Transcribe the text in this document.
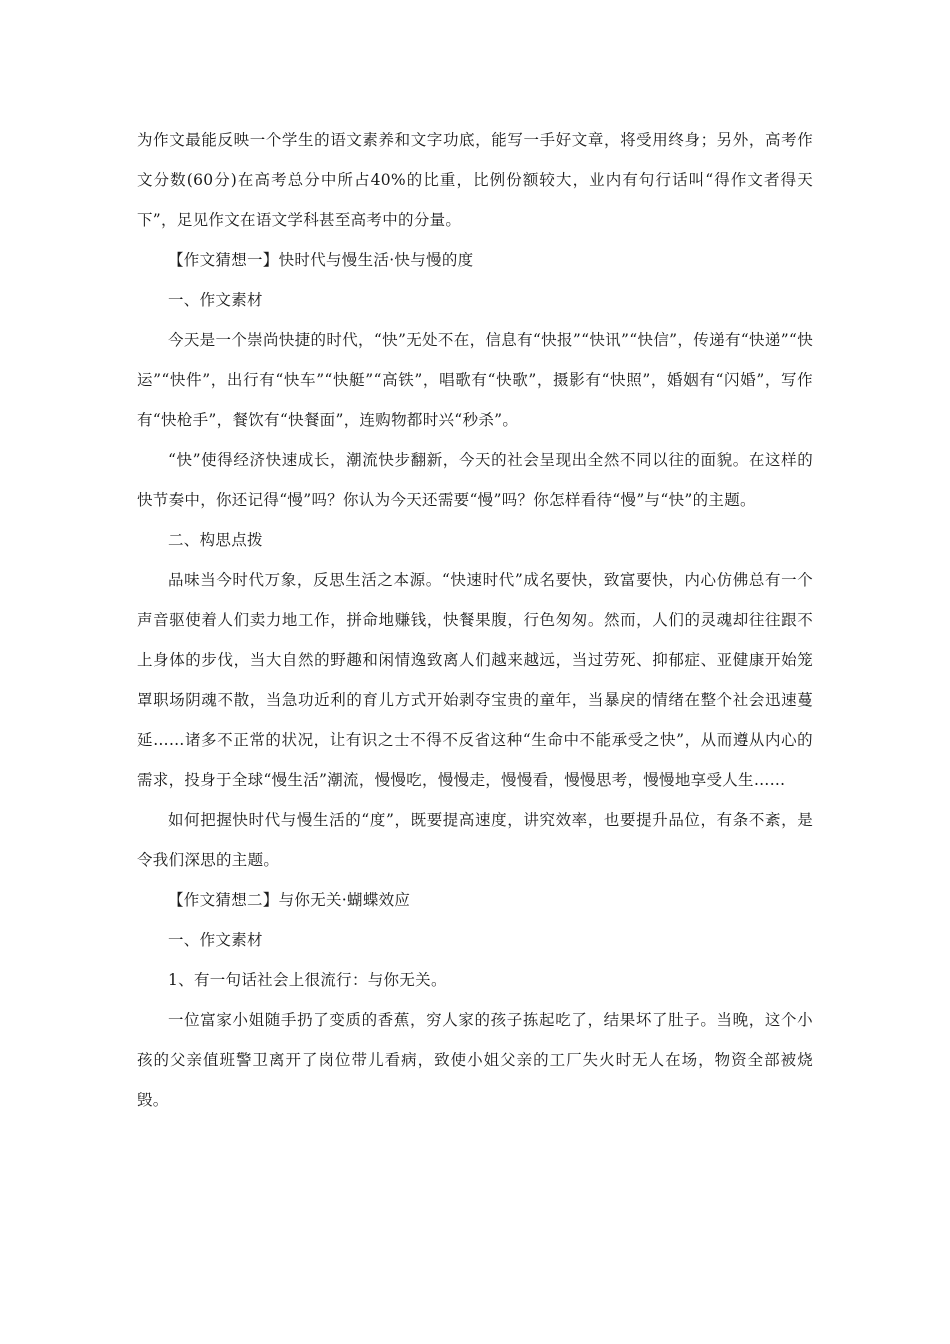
为作文最能反映一个学生的语文素养和文字功底，能写一手好文章，将受用终身；另外，高考作文分数(60分)在高考总分中所占40%的比重，比例份额较大，业内有句行话叫“得作文者得天下”，足见作文在语文学科甚至高考中的分量。

【作文猜想一】快时代与慢生活·快与慢的度

一、作文素材

今天是一个崇尚快捷的时代，“快”无处不在，信息有“快报”“快讯”“快信”，传递有“快递”“快运”“快件”，出行有“快车”“快艇”“高铁”，唱歌有“快歌”，摄影有“快照”，婚姻有“闪婚”，写作有“快枪手”，餐饮有“快餐面”，连购物都时兴“秒杀”。

“快”使得经济快速成长，潮流快步翻新，今天的社会呈现出全然不同以往的面貌。在这样的快节奏中，你还记得“慢”吗？你认为今天还需要“慢”吗？你怎样看待“慢”与“快”的主题。

二、构思点拨

品味当今时代万象，反思生活之本源。“快速时代”成名要快，致富要快，内心仿佛总有一个声音驱使着人们卖力地工作，拼命地赚钱，快餐果腹，行色匆匆。然而，人们的灵魂却往往跟不上身体的步伐，当大自然的野趣和闲情逸致离人们越来越远，当过劳死、抑郁症、亚健康开始笼罩职场阴魂不散，当急功近利的育儿方式开始剥夺宝贵的童年，当暴戾的情绪在整个社会迅速蔓延……诸多不正常的状况，让有识之士不得不反省这种“生命中不能承受之快”，从而遵从内心的需求，投身于全球“慢生活”潮流，慢慢吃，慢慢走，慢慢看，慢慢思考，慢慢地享受人生……

如何把握快时代与慢生活的“度”，既要提高速度，讲究效率，也要提升品位，有条不紊，是令我们深思的主题。

【作文猜想二】与你无关·蝴蝶效应

一、作文素材

1、有一句话社会上很流行：与你无关。

一位富家小姐随手扔了变质的香蕉，穷人家的孩子拣起吃了，结果坏了肚子。当晚，这个小孩的父亲值班警卫离开了岗位带儿看病，致使小姐父亲的工厂失火时无人在场，物资全部被烧毁。
